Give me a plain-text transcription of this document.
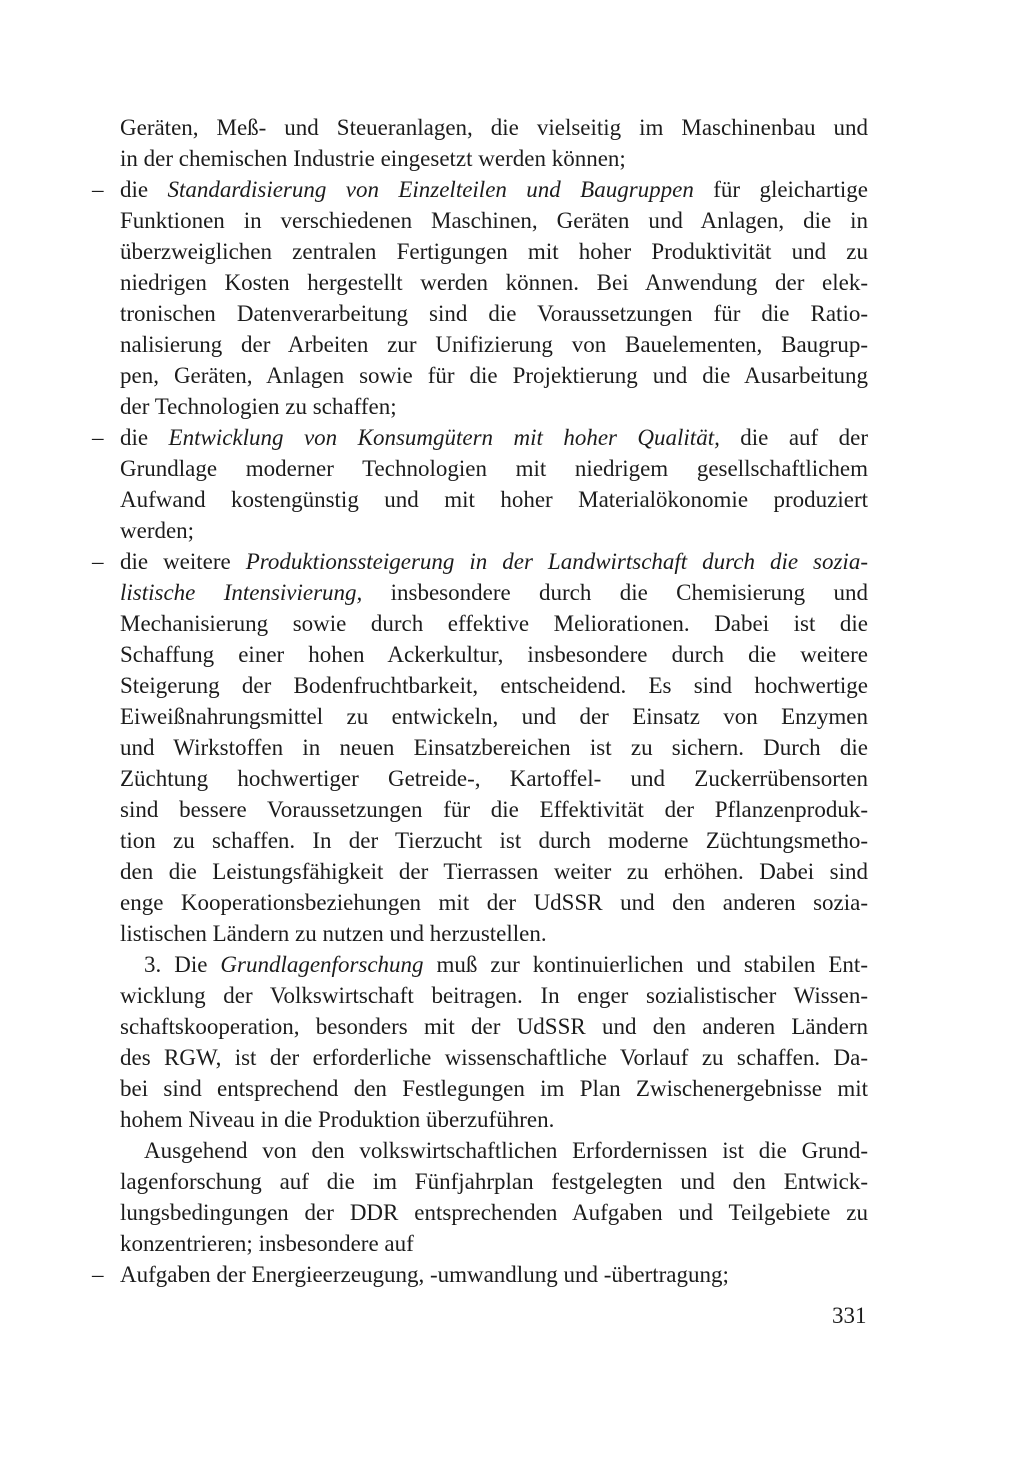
Geräten, Meß- und Steueranlagen, die vielseitig im Maschinenbau und
in der chemischen Industrie eingesetzt werden können;
– die Standardisierung von Einzelteilen und Baugruppen für gleichartige
Funktionen in verschiedenen Maschinen, Geräten und Anlagen, die in
überzweiglichen zentralen Fertigungen mit hoher Produktivität und zu
niedrigen Kosten hergestellt werden können. Bei Anwendung der elek-
tronischen Datenverarbeitung sind die Voraussetzungen für die Ratio-
nalisierung der Arbeiten zur Unifizierung von Bauelementen, Baugrup-
pen, Geräten, Anlagen sowie für die Projektierung und die Ausarbeitung
der Technologien zu schaffen;
– die Entwicklung von Konsumgütern mit hoher Qualität, die auf der
Grundlage moderner Technologien mit niedrigem gesellschaftlichem
Aufwand kostengünstig und mit hoher Materialökonomie produziert
werden;
– die weitere Produktionssteigerung in der Landwirtschaft durch die sozia-
listische Intensivierung, insbesondere durch die Chemisierung und
Mechanisierung sowie durch effektive Meliorationen. Dabei ist die
Schaffung einer hohen Ackerkultur, insbesondere durch die weitere
Steigerung der Bodenfruchtbarkeit, entscheidend. Es sind hochwertige
Eiweißnahrungsmittel zu entwickeln, und der Einsatz von Enzymen
und Wirkstoffen in neuen Einsatzbereichen ist zu sichern. Durch die
Züchtung hochwertiger Getreide-, Kartoffel- und Zuckerrübensorten
sind bessere Voraussetzungen für die Effektivität der Pflanzenproduk-
tion zu schaffen. In der Tierzucht ist durch moderne Züchtungsmetho-
den die Leistungsfähigkeit der Tierrassen weiter zu erhöhen. Dabei sind
enge Kooperationsbeziehungen mit der UdSSR und den anderen sozia-
listischen Ländern zu nutzen und herzustellen.
3. Die Grundlagenforschung muß zur kontinuierlichen und stabilen Ent-
wicklung der Volkswirtschaft beitragen. In enger sozialistischer Wissen-
schaftskooperation, besonders mit der UdSSR und den anderen Ländern
des RGW, ist der erforderliche wissenschaftliche Vorlauf zu schaffen. Da-
bei sind entsprechend den Festlegungen im Plan Zwischenergebnisse mit
hohem Niveau in die Produktion überzuführen.
Ausgehend von den volkswirtschaftlichen Erfordernissen ist die Grund-
lagenforschung auf die im Fünfjahrplan festgelegten und den Entwick-
lungsbedingungen der DDR entsprechenden Aufgaben und Teilgebiete zu
konzentrieren; insbesondere auf
– Aufgaben der Energieerzeugung, -umwandlung und -übertragung;
331
